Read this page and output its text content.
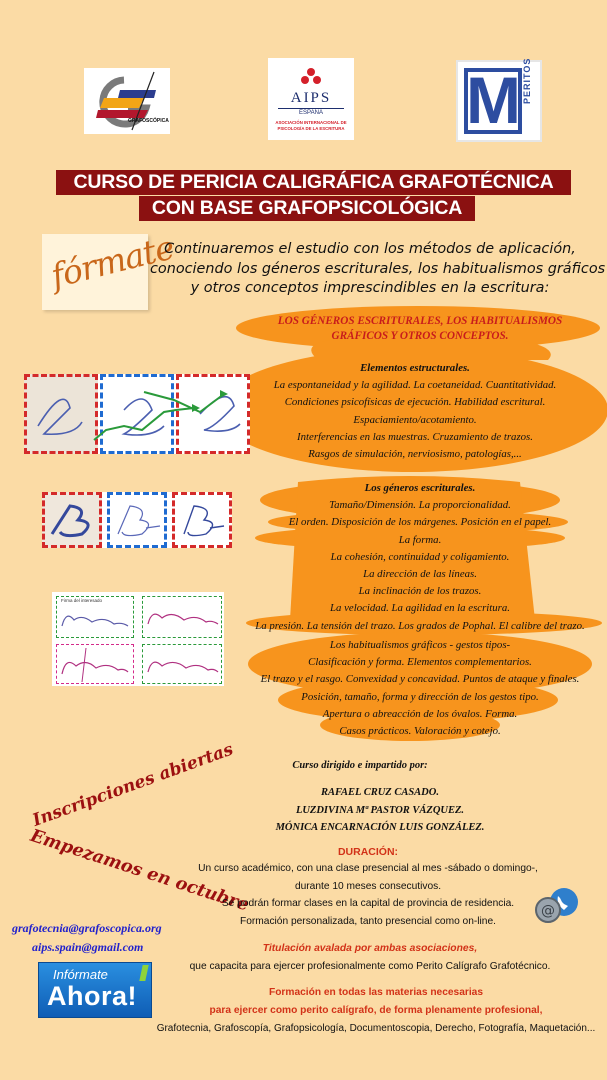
GRAFOSCÓPICA
AIPS
ESPAÑA
ASOCIACIÓN INTERNACIONAL DE
PSICOLOGÍA DE LA ESCRITURA M PERITOS
CURSO DE PERICIA CALIGRÁFICA GRAFOTÉCNICA
CON BASE GRAFOPSICOLÓGICA
fórmate
Continuaremos el estudio con los métodos de aplicación,
conociendo los géneros escriturales, los habitualismos gráficos
y otros conceptos imprescindibles en la escritura:
LOS GÉNEROS ESCRITURALES, LOS HABITUALISMOS
GRÁFICOS Y OTROS CONCEPTOS.
Elementos estructurales.
La espontaneidad y la agilidad. La coetaneidad. Cuantitatividad.
Condiciones psicofísicas de ejecución. Habilidad escritural.
Espaciamiento/acotamiento.
Interferencias en las muestras. Cruzamiento de trazos.
Rasgos de simulación, nerviosismo, patologías,...
Los géneros escriturales.
Tamaño/Dimensión. La proporcionalidad.
El orden. Disposición de los márgenes. Posición en el papel.
La forma.
La cohesión, continuidad y coligamiento.
La dirección de las líneas.
La inclinación de los trazos.
La velocidad. La agilidad en la escritura.
La presión. La tensión del trazo. Los grados de Pophal. El calibre del trazo.
Los habitualismos gráficos - gestos tipos-
Clasificación y forma. Elementos complementarios.
El trazo y el rasgo. Convexidad y concavidad. Puntos de ataque y finales.
Posición, tamaño, forma y dirección de los gestos tipo.
Apertura o abreacción de los óvalos. Forma.
Casos prácticos. Valoración y cotejo.
Firma del interesado
Curso dirigido e impartido por:
RAFAEL CRUZ CASADO.
LUZDIVINA Mª PASTOR VÁZQUEZ.
MÓNICA ENCARNACIÓN LUIS GONZÁLEZ.
Inscripciones abiertas
Empezamos en octubre	DURACIÓN:
Un curso académico, con una clase presencial al mes -sábado o domingo-,
durante 10 meses consecutivos.
Se podrán formar clases en la capital de provincia de residencia.
Formación personalizada, tanto presencial como on-line.
@
grafotecnia@grafoscopica.org
aips.spain@gmail.com
Infórmate
Ahora!
Titulación avalada por ambas asociaciones,
que capacita para ejercer profesionalmente como Perito Calígrafo Grafotécnico.
Formación en todas las materias necesarias
para ejercer como perito calígrafo, de forma plenamente profesional,
Grafotecnia, Grafoscopía, Grafopsicología, Documentoscopia, Derecho, Fotografía, Maquetación...
